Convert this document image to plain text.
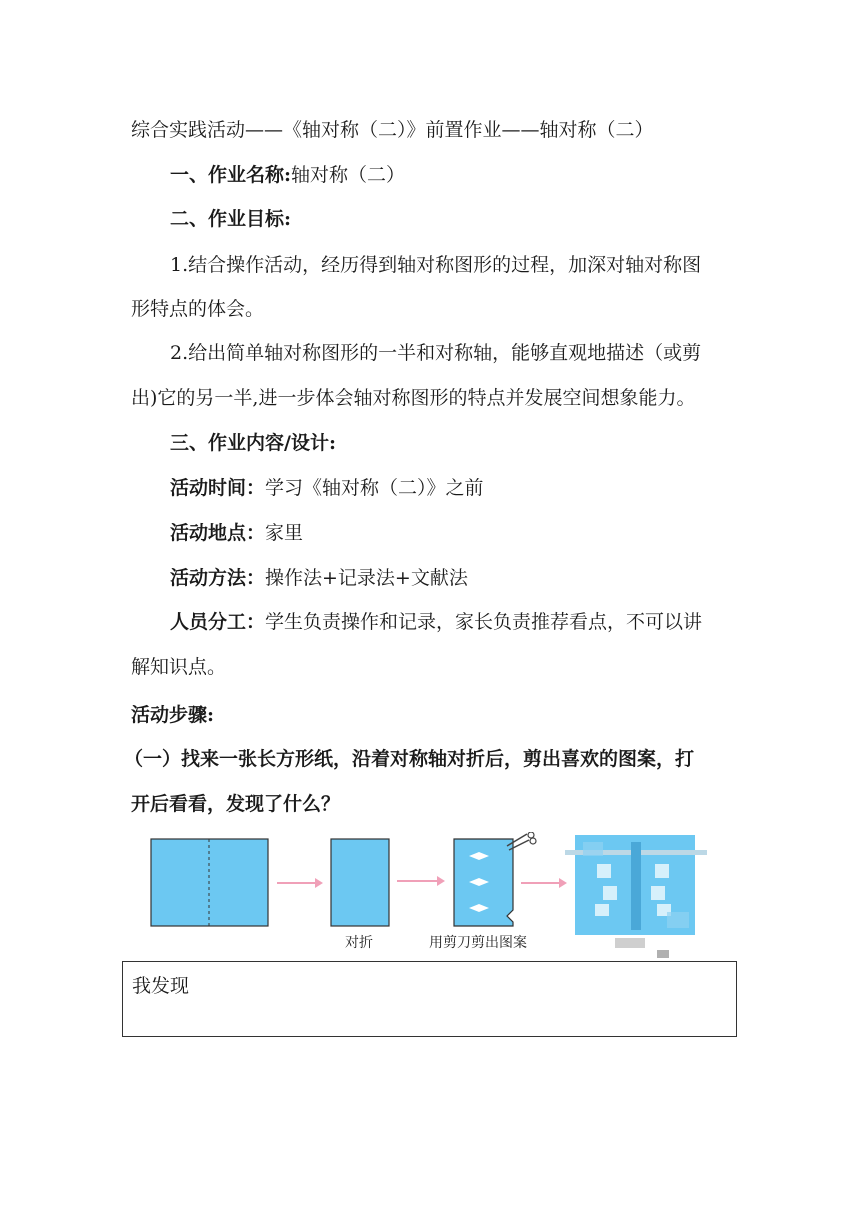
综合实践活动——《轴对称（二）》前置作业——轴对称（二）
一、作业名称:轴对称（二）
二、作业目标:
1.结合操作活动，经历得到轴对称图形的过程，加深对轴对称图
形特点的体会。
2.给出简单轴对称图形的一半和对称轴，能够直观地描述（或剪
出)它的另一半,进一步体会轴对称图形的特点并发展空间想象能力。
三、作业内容/设计:
活动时间：学习《轴对称（二）》之前
活动地点：家里
活动方法：操作法+记录法+文献法
人员分工：学生负责操作和记录，家长负责推荐看点，不可以讲
解知识点。
活动步骤:
（一）找来一张长方形纸，沿着对称轴对折后，剪出喜欢的图案，打
开后看看，发现了什么？
对折	用剪刀剪出图案
我发现
